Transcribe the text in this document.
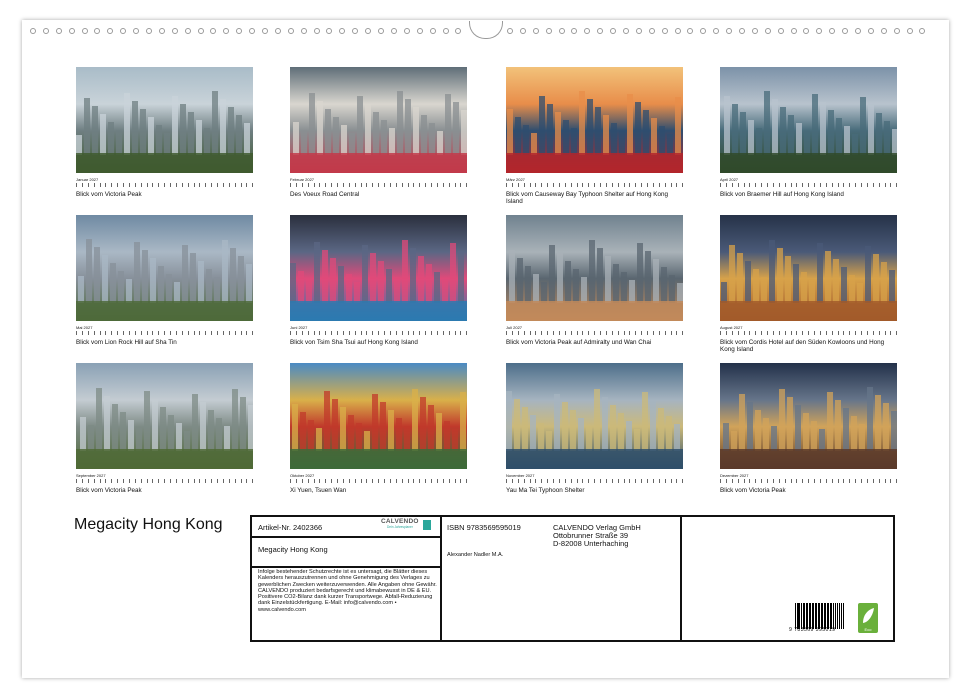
Januar 2027
Blick vom Victoria Peak
Februar 2027
Des Voeux Road Central
März 2027
Blick vom Causeway Bay Typhoon Shelter auf Hong Kong Island
April 2027
Blick von Braemer Hill auf Hong Kong Island
Mai 2027
Blick vom Lion Rock Hill auf Sha Tin
Juni 2027
Blick von Tsim Sha Tsui auf Hong Kong Island
Juli 2027
Blick vom Victoria Peak auf Admiralty und Wan Chai
August 2027
Blick vom Cordis Hotel auf den Süden Kowloons und Hong Kong Island
September 2027
Blick vom Victoria Peak
Oktober 2027
Xi Yuen, Tsuen Wan
November 2027
Yau Ma Tei Typhoon Shelter
Dezember 2027
Blick vom Victoria Peak
Megacity Hong Kong	Artikel-Nr. 2402366
CALVENDO
Dein Jahresplaner
Megacity Hong Kong
Infolge bestehender Schutzrechte ist es untersagt, die Blätter dieses Kalenders herauszutrennen und ohne Genehmigung des Verlages zu gewerblichen Zwecken weiterzuverwenden. Alle Angaben ohne Gewähr. CALVENDO produziert bedarfsgerecht und klimabewusst in DE & EU. Positivere CO2-Bilanz dank kurzer Transportwege. Abfall-Reduzierung dank Einzelstückfertigung. E-Mail: info@calvendo.com • www.calvendo.com
ISBN 9783569595019
Alexander Nadler M.A.
CALVENDO Verlag GmbH
Ottobrunner Straße 39
D-82008 Unterhaching
9 783569 595019	Eco
